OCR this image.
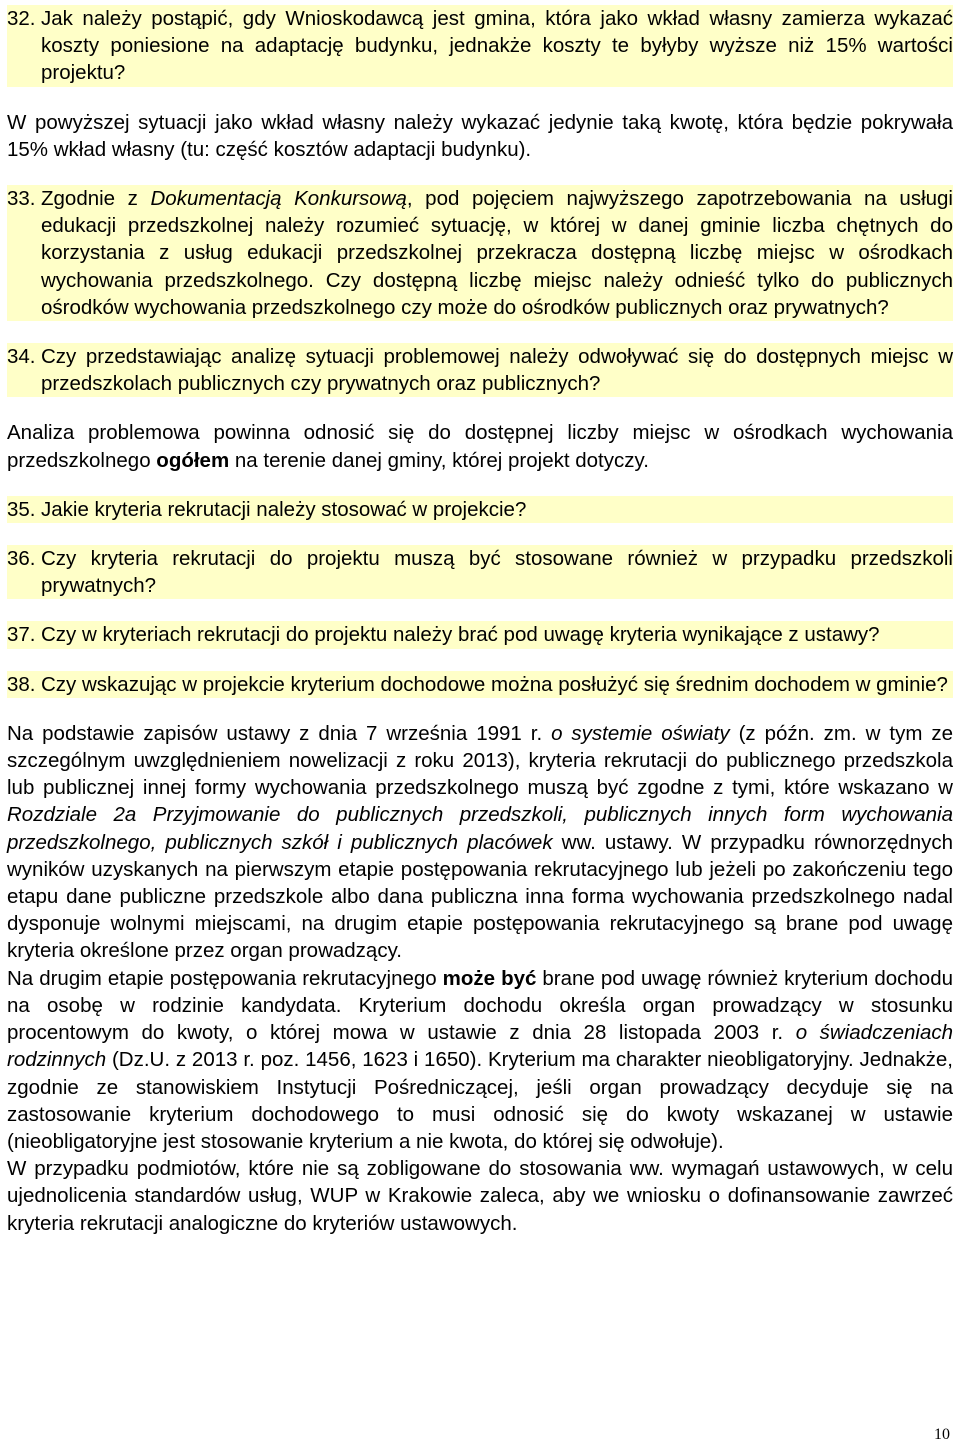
32. Jak należy postąpić, gdy Wnioskodawcą jest gmina, która jako wkład własny zamierza wykazać koszty poniesione na adaptację budynku, jednakże koszty te byłyby wyższe niż 15% wartości projektu?

W powyższej sytuacji jako wkład własny należy wykazać jedynie taką kwotę, która będzie pokrywała 15% wkład własny (tu: część kosztów adaptacji budynku).

33. Zgodnie z Dokumentacją Konkursową, pod pojęciem najwyższego zapotrzebowania na usługi edukacji przedszkolnej należy rozumieć sytuację, w której w danej gminie liczba chętnych do korzystania z usług edukacji przedszkolnej przekracza dostępną liczbę miejsc w ośrodkach wychowania przedszkolnego. Czy dostępną liczbę miejsc należy odnieść tylko do publicznych ośrodków wychowania przedszkolnego czy może do ośrodków publicznych oraz prywatnych?
34. Czy przedstawiając analizę sytuacji problemowej należy odwoływać się do dostępnych miejsc w przedszkolach publicznych czy prywatnych oraz publicznych?

Analiza problemowa powinna odnosić się do dostępnej liczby miejsc w ośrodkach wychowania przedszkolnego ogółem na terenie danej gminy, której projekt dotyczy.

35. Jakie kryteria rekrutacji należy stosować w projekcie?
36. Czy kryteria rekrutacji do projektu muszą być stosowane również w przypadku przedszkoli prywatnych?
37. Czy w kryteriach rekrutacji do projektu należy brać pod uwagę kryteria wynikające z ustawy?
38. Czy wskazując w projekcie kryterium dochodowe można posłużyć się średnim dochodem w gminie?

Na podstawie zapisów ustawy z dnia 7 września 1991 r. o systemie oświaty (z późn. zm. w tym ze szczególnym uwzględnieniem nowelizacji z roku 2013), kryteria rekrutacji do publicznego przedszkola lub publicznej innej formy wychowania przedszkolnego muszą być zgodne z tymi, które wskazano w Rozdziale 2a Przyjmowanie do publicznych przedszkoli, publicznych innych form wychowania przedszkolnego, publicznych szkół i publicznych placówek ww. ustawy. W przypadku równorzędnych wyników uzyskanych na pierwszym etapie postępowania rekrutacyjnego lub jeżeli po zakończeniu tego etapu dane publiczne przedszkole albo dana publiczna inna forma wychowania przedszkolnego nadal dysponuje wolnymi miejscami, na drugim etapie postępowania rekrutacyjnego są brane pod uwagę kryteria określone przez organ prowadzący.

Na drugim etapie postępowania rekrutacyjnego może być brane pod uwagę również kryterium dochodu na osobę w rodzinie kandydata. Kryterium dochodu określa organ prowadzący w stosunku procentowym do kwoty, o której mowa w ustawie z dnia 28 listopada 2003 r. o świadczeniach rodzinnych (Dz.U. z 2013 r. poz. 1456, 1623 i 1650). Kryterium ma charakter nieobligatoryjny. Jednakże, zgodnie ze stanowiskiem Instytucji Pośredniczącej, jeśli organ prowadzący decyduje się na zastosowanie kryterium dochodowego to musi odnosić się do kwoty wskazanej w ustawie (nieobligatoryjne jest stosowanie kryterium a nie kwota, do której się odwołuje).

W przypadku podmiotów, które nie są zobligowane do stosowania ww. wymagań ustawowych, w celu ujednolicenia standardów usług, WUP w Krakowie zaleca, aby we wniosku o dofinansowanie zawrzeć kryteria rekrutacji analogiczne do kryteriów ustawowych.

10
